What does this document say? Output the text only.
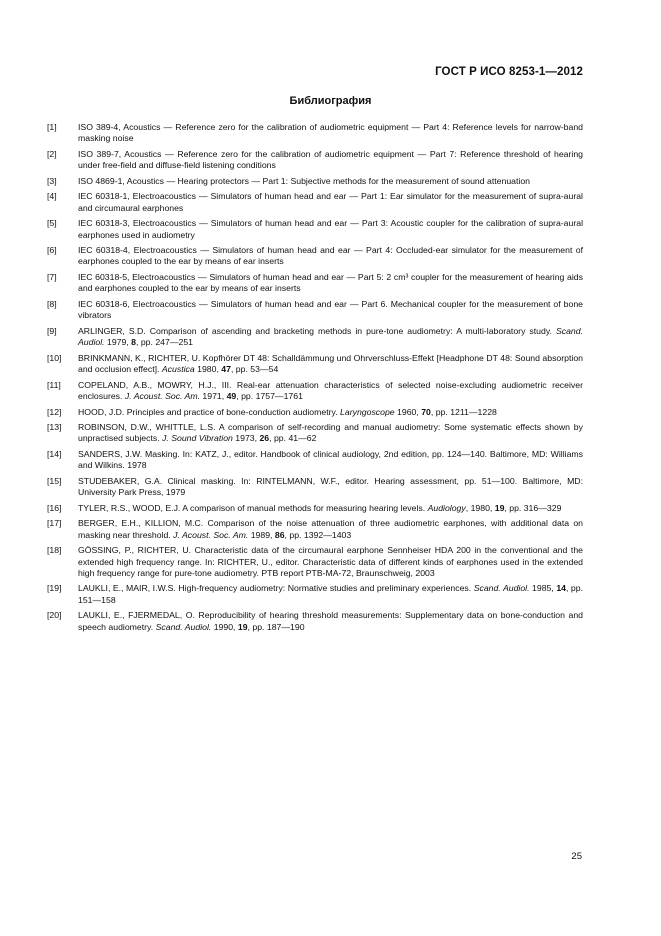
ГОСТ Р ИСО 8253-1—2012
Библиография
[1] ISO 389-4, Acoustics — Reference zero for the calibration of audiometric equipment — Part 4: Reference levels for narrow-band masking noise
[2] ISO 389-7, Acoustics — Reference zero for the calibration of audiometric equipment — Part 7: Reference threshold of hearing under free-field and diffuse-field listening conditions
[3] ISO 4869-1, Acoustics — Hearing protectors — Part 1: Subjective methods for the measurement of sound attenuation
[4] IEC 60318-1, Electroacoustics — Simulators of human head and ear — Part 1: Ear simulator for the measurement of supra-aural and circumaural earphones
[5] IEC 60318-3, Electroacoustics — Simulators of human head and ear — Part 3: Acoustic coupler for the calibration of supra-aural earphones used in audiometry
[6] IEC 60318-4, Electroacoustics — Simulators of human head and ear — Part 4: Occluded-ear simulator for the measurement of earphones coupled to the ear by means of ear inserts
[7] IEC 60318-5, Electroacoustics — Simulators of human head and ear — Part 5: 2 cm³ coupler for the measurement of hearing aids and earphones coupled to the ear by means of ear inserts
[8] IEC 60318-6, Electroacoustics — Simulators of human head and ear — Part 6. Mechanical coupler for the measurement of bone vibrators
[9] ARLINGER, S.D. Comparison of ascending and bracketing methods in pure-tone audiometry: A multi-laboratory study. Scand. Audiol. 1979, 8, pp. 247—251
[10] BRINKMANN, K., RICHTER, U. Kopfhörer DT 48: Schalldämmung und Ohrverschluss-Effekt [Headphone DT 48: Sound absorption and occlusion effect]. Acustica 1980, 47, pp. 53—54
[11] COPELAND, A.B., MOWRY, H.J., III. Real-ear attenuation characteristics of selected noise-excluding audiometric receiver enclosures. J. Acoust. Soc. Am. 1971, 49, pp. 1757—1761
[12] HOOD, J.D. Principles and practice of bone-conduction audiometry. Laryngoscope 1960, 70, pp. 1211—1228
[13] ROBINSON, D.W., WHITTLE, L.S. A comparison of self-recording and manual audiometry: Some systematic effects shown by unpractised subjects. J. Sound Vibration 1973, 26, pp. 41—62
[14] SANDERS, J.W. Masking. In: KATZ, J., editor. Handbook of clinical audiology, 2nd edition, pp. 124—140. Baltimore, MD: Williams and Wilkins. 1978
[15] STUDEBAKER, G.A. Clinical masking. In: RINTELMANN, W.F., editor. Hearing assessment, pp. 51—100. Baltimore, MD: University Park Press, 1979
[16] TYLER, R.S., WOOD, E.J. A comparison of manual methods for measuring hearing levels. Audiology, 1980, 19, pp. 316—329
[17] BERGER, E.H., KILLION, M.C. Comparison of the noise attenuation of three audiometric earphones, with additional data on masking near threshold. J. Acoust. Soc. Am. 1989, 86, pp. 1392—1403
[18] GÖSSING, P., RICHTER, U. Characteristic data of the circumaural earphone Sennheiser HDA 200 in the conventional and the extended high frequency range. In: RICHTER, U., editor. Characteristic data of different kinds of earphones used in the extended high frequency range for pure-tone audiometry. PTB report PTB-MA-72, Braunschweig, 2003
[19] LAUKLI, E., MAIR, I.W.S. High-frequency audiometry: Normative studies and preliminary experiences. Scand. Audiol. 1985, 14, pp. 151—158
[20] LAUKLI, E., FJERMEDAL, O. Reproducibility of hearing threshold measurements: Supplementary data on bone-conduction and speech audiometry. Scand. Audiol. 1990, 19, pp. 187—190
25
